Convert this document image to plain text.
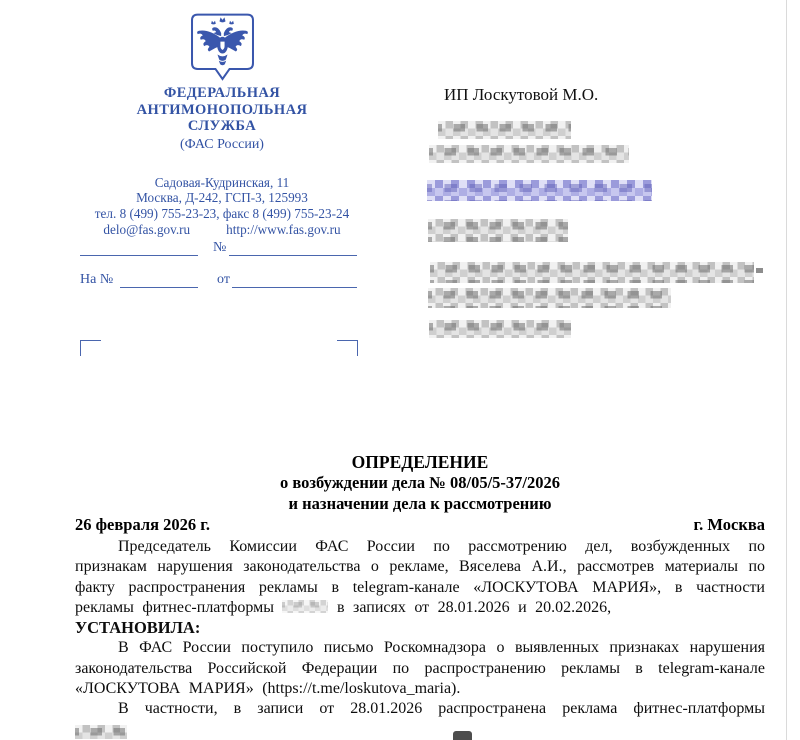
ФЕДЕРАЛЬНАЯ
АНТИМОНОПОЛЬНАЯ
СЛУЖБА
(ФАС России)
Садовая-Кудринская, 11
Москва, Д-242, ГСП-3, 125993
тел. 8 (499) 755-23-23, факс 8 (499) 755-23-24
delo@fas.gov.ru	http://www.fas.gov.ru
№
На №	от
ИП Лоскутовой М.О.
ОПРЕДЕЛЕНИЕ
о возбуждении дела № 08/05/5-37/2026
и назначении дела к рассмотрению
26 февраля 2026 г.	г. Москва

Председатель Комиссии ФАС России по рассмотрению дел, возбужденных по признакам нарушения законодательства о рекламе, Вяселева А.И., рассмотрев материалы по факту распространения рекламы в telegram-канале «ЛОСКУТОВА МАРИЯ», в частности рекламы фитнес-платформы	в записях от 28.01.2026 и 20.02.2026,

УСТАНОВИЛА:

В ФАС России поступило письмо Роскомнадзора о выявленных признаках нарушения законодательства Российской Федерации по распространению рекламы в telegram-канале «ЛОСКУТОВА МАРИЯ» (https://t.me/loskutova_maria).

В частности, в записи от 28.01.2026 распространена реклама фитнес-платформы
